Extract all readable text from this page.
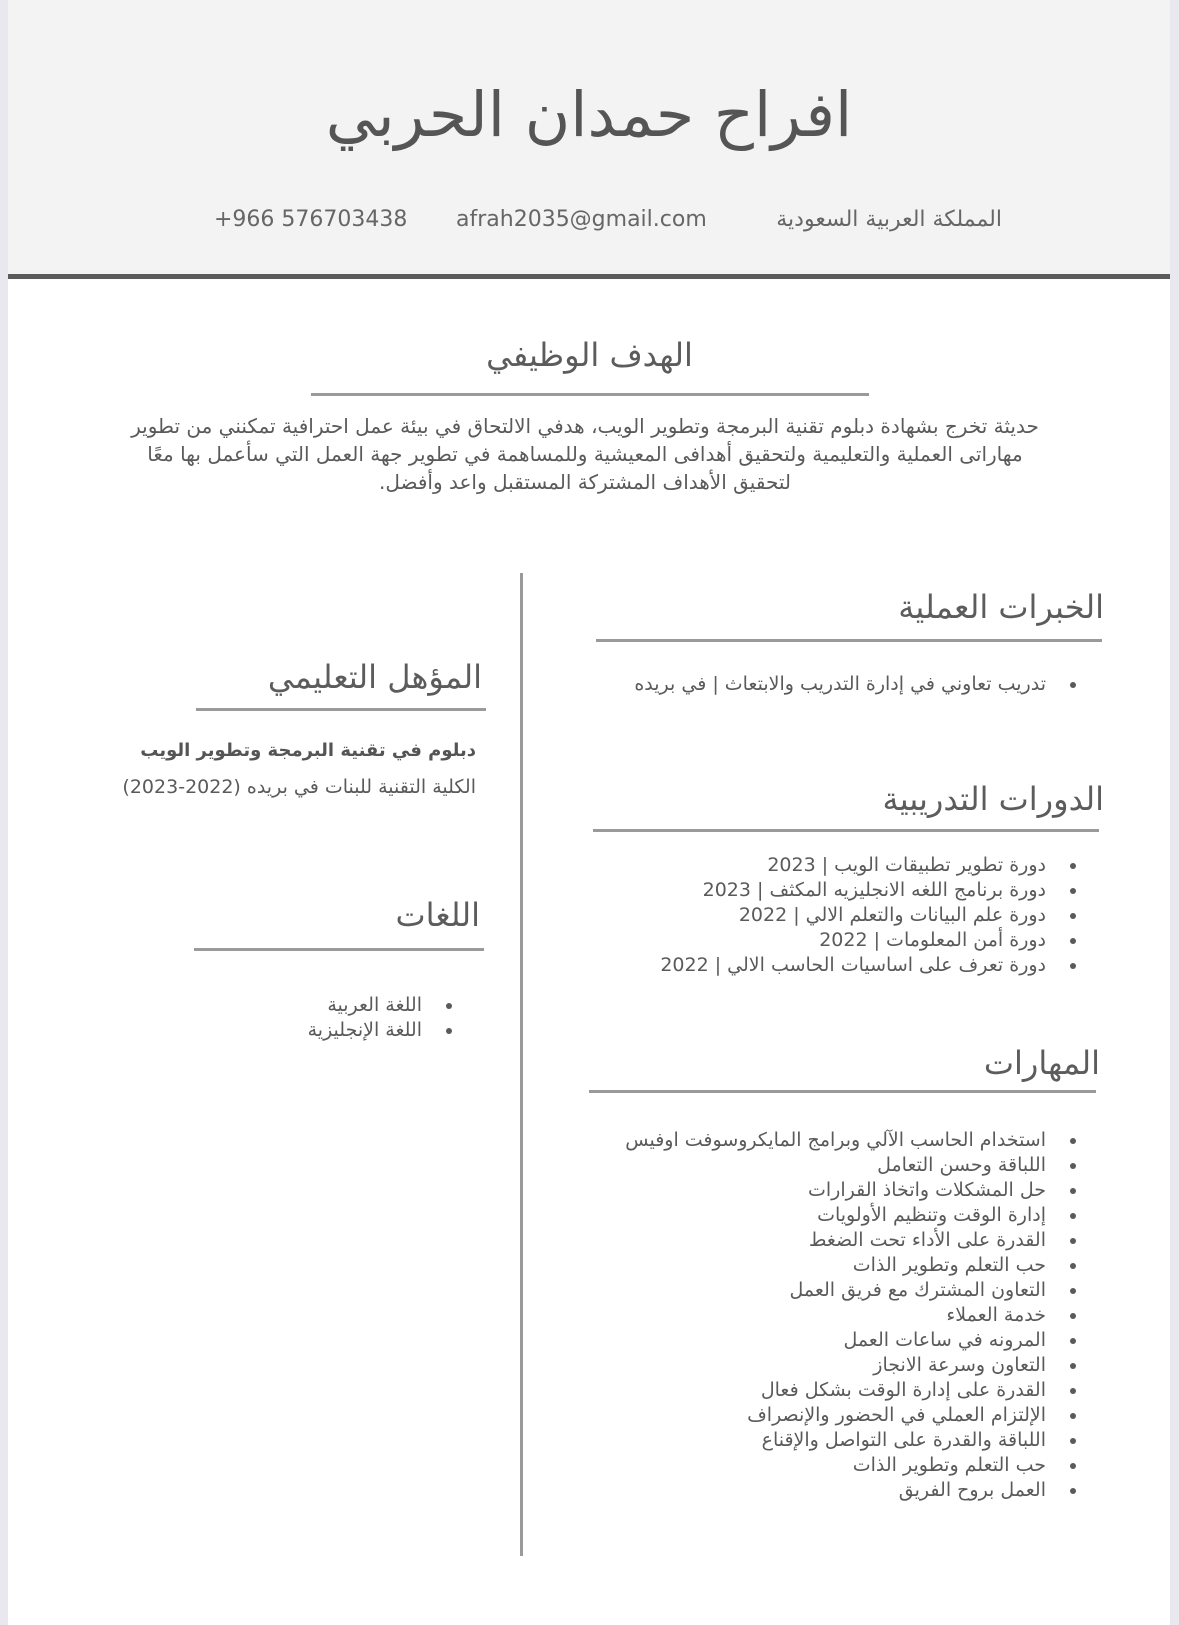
افراح حمدان الحربي
المملكة العربية السعودية
afrah2035@gmail.com
+966 576703438
الهدف الوظيفي

حديثة تخرج بشهادة دبلوم تقنية البرمجة وتطوير الويب، هدفي الالتحاق في بيئة عمل احترافية تمكنني من تطوير مهاراتى العملية والتعليمية ولتحقيق أهدافى المعيشية وللمساهمة في تطوير جهة العمل التي سأعمل بها معًا لتحقيق الأهداف المشتركة المستقبل واعد وأفضل.

الخبرات العملية
• تدريب تعاوني في إدارة التدريب والابتعاث | في بريده
الدورات التدريبية
• دورة تطوير تطبيقات الويب | 2023
• دورة برنامج اللغه الانجليزيه المكثف | 2023
• دورة علم البيانات والتعلم الالي | 2022
• دورة أمن المعلومات | 2022
• دورة تعرف على اساسيات الحاسب الالي | 2022
المهارات
• استخدام الحاسب الآلي وبرامج المايكروسوفت اوفيس
• اللباقة وحسن التعامل
• حل المشكلات واتخاذ القرارات
• إدارة الوقت وتنظيم الأولويات
• القدرة على الأداء تحت الضغط
• حب التعلم وتطوير الذات
• التعاون المشترك مع فريق العمل
• خدمة العملاء
• المرونه في ساعات العمل
• التعاون وسرعة الانجاز
• القدرة على إدارة الوقت بشكل فعال
• الإلتزام العملي في الحضور والإنصراف
• اللباقة والقدرة على التواصل والإقناع
• حب التعلم وتطوير الذات
• العمل بروح الفريق
المؤهل التعليمي
دبلوم في تقنية البرمجة وتطوير الويب
الكلية التقنية للبنات في بريده (2022-2023)
اللغات
• اللغة العربية
• اللغة الإنجليزية
